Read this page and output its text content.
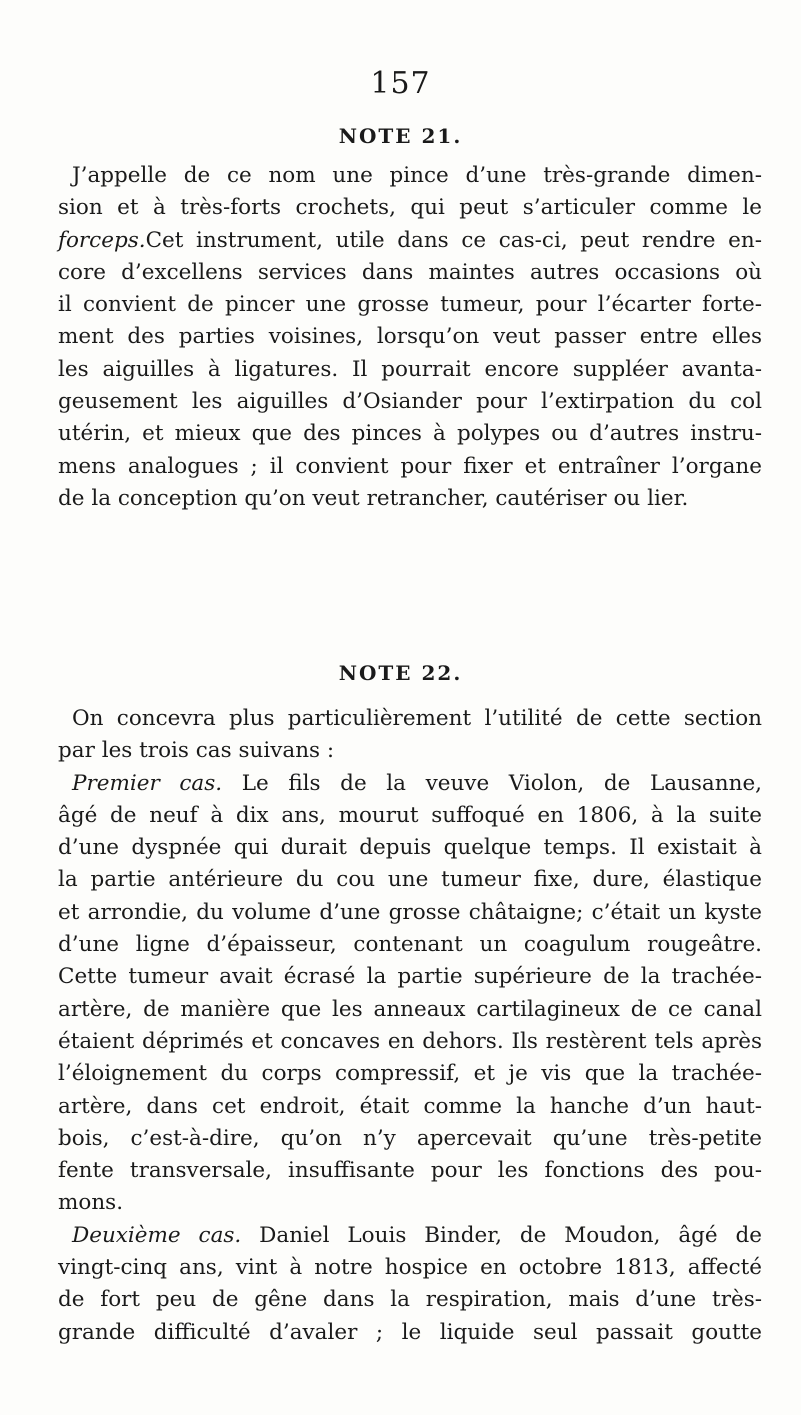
157
NOTE 21.
J’appelle de ce nom une pince d’une très-grande dimen-
sion et à très-forts crochets, qui peut s’articuler comme le
forceps.Cet instrument, utile dans ce cas-ci, peut rendre en-
core d’excellens services dans maintes autres occasions où
il convient de pincer une grosse tumeur, pour l’écarter forte-
ment des parties voisines, lorsqu’on veut passer entre elles
les aiguilles à ligatures. Il pourrait encore suppléer avanta-
geusement les aiguilles d’Osiander pour l’extirpation du col
utérin, et mieux que des pinces à polypes ou d’autres instru-
mens analogues ; il convient pour fixer et entraîner l’organe
de la conception qu’on veut retrancher, cautériser ou lier.
NOTE 22.
On concevra plus particulièrement l’utilité de cette section
par les trois cas suivans :
Premier cas. Le fils de la veuve Violon, de Lausanne,
âgé de neuf à dix ans, mourut suffoqué en 1806, à la suite
d’une dyspnée qui durait depuis quelque temps. Il existait à
la partie antérieure du cou une tumeur fixe, dure, élastique
et arrondie, du volume d’une grosse châtaigne; c’était un kyste
d’une ligne d’épaisseur, contenant un coagulum rougeâtre.
Cette tumeur avait écrasé la partie supérieure de la trachée-
artère, de manière que les anneaux cartilagineux de ce canal
étaient déprimés et concaves en dehors. Ils restèrent tels après
l’éloignement du corps compressif, et je vis que la trachée-
artère, dans cet endroit, était comme la hanche d’un haut-
bois, c’est-à-dire, qu’on n’y apercevait qu’une très-petite
fente transversale, insuffisante pour les fonctions des pou-
mons.
Deuxième cas. Daniel Louis Binder, de Moudon, âgé de
vingt-cinq ans, vint à notre hospice en octobre 1813, affecté
de fort peu de gêne dans la respiration, mais d’une très-
grande difficulté d’avaler ; le liquide seul passait goutte
